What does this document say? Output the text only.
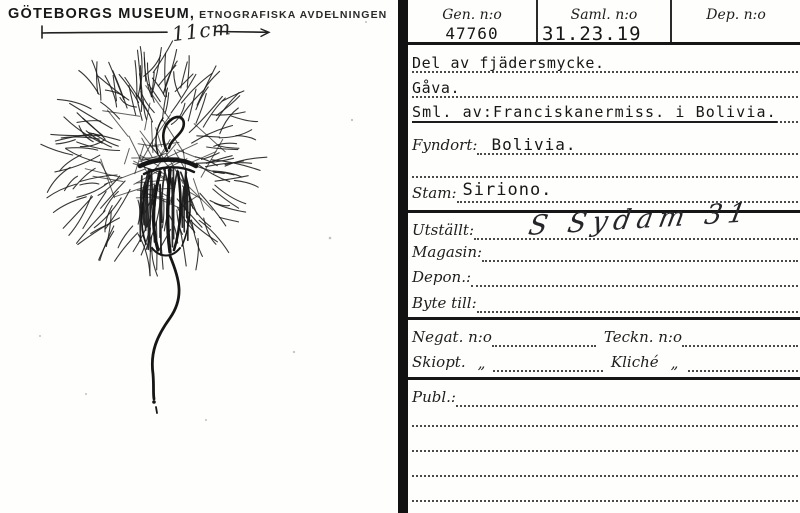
GÖTEBORGS MUSEUM, ETNOGRAFISKA AVDELNINGEN
11cm
Gen. n:o
47760
Saml. n:o
31.23.19
Dep. n:o
Del av fjädersmycke.
Gåva.
Sml. av:Franciskanermiss. i Bolivia.
Fyndort: Bolivia.
Stam: Siriono.
Utställt: S Sydam 31
Magasin:
Depon.:
Byte till:
Negat. n:o	Teckn. n:o
Skiopt. „	Kliché „
Publ.:
